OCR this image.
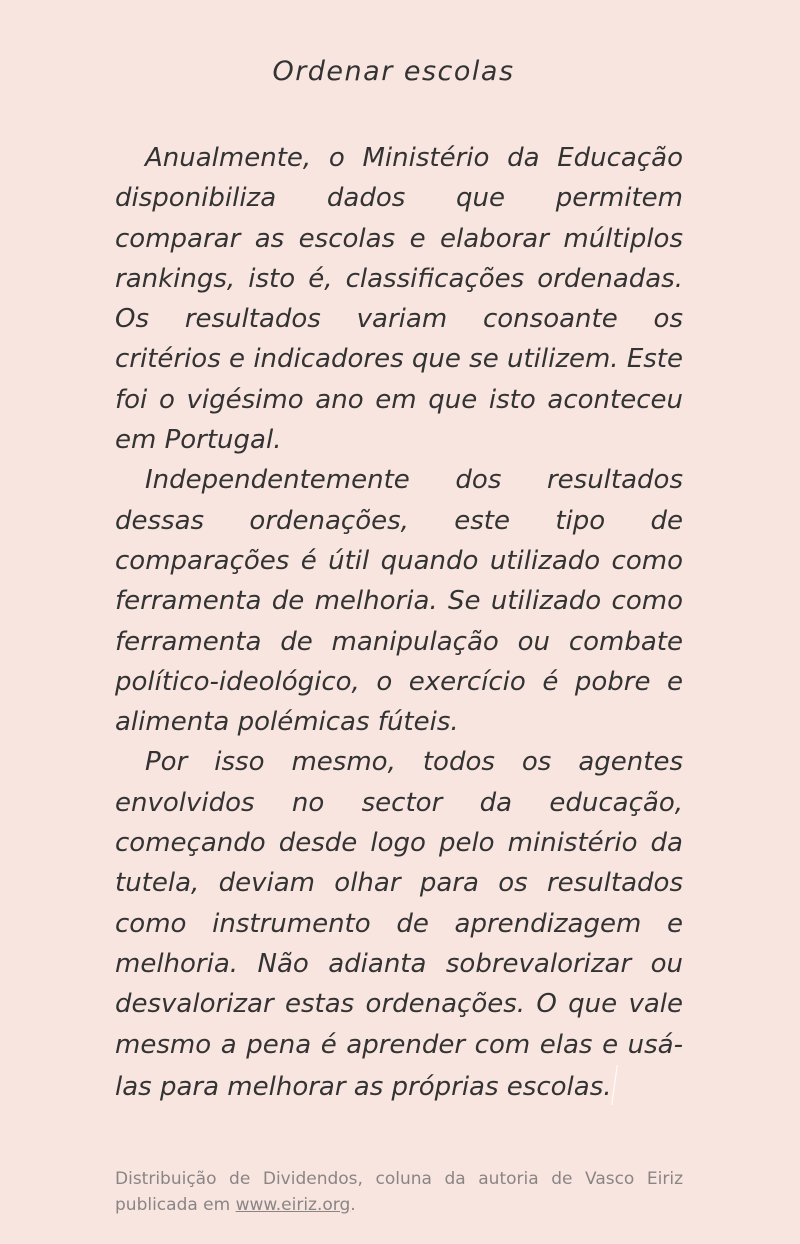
Ordenar escolas

Anualmente, o Ministério da Educação disponibiliza dados que permitem comparar as escolas e elaborar múltiplos rankings, isto é, classificações ordenadas. Os resultados variam consoante os critérios e indicadores que se utilizem. Este foi o vigésimo ano em que isto aconteceu em Portugal.

Independentemente dos resultados dessas ordenações, este tipo de comparações é útil quando utilizado como ferramenta de melhoria. Se utilizado como ferramenta de manipulação ou combate político-ideológico, o exercício é pobre e alimenta polémicas fúteis.

Por isso mesmo, todos os agentes envolvidos no sector da educação, começando desde logo pelo ministério da tutela, deviam olhar para os resultados como instrumento de aprendizagem e melhoria. Não adianta sobrevalorizar ou desvalorizar estas ordenações. O que vale mesmo a pena é aprender com elas e usá-las para melhorar as próprias escolas.

Distribuição de Dividendos, coluna da autoria de Vasco Eiriz publicada em www.eiriz.org.
